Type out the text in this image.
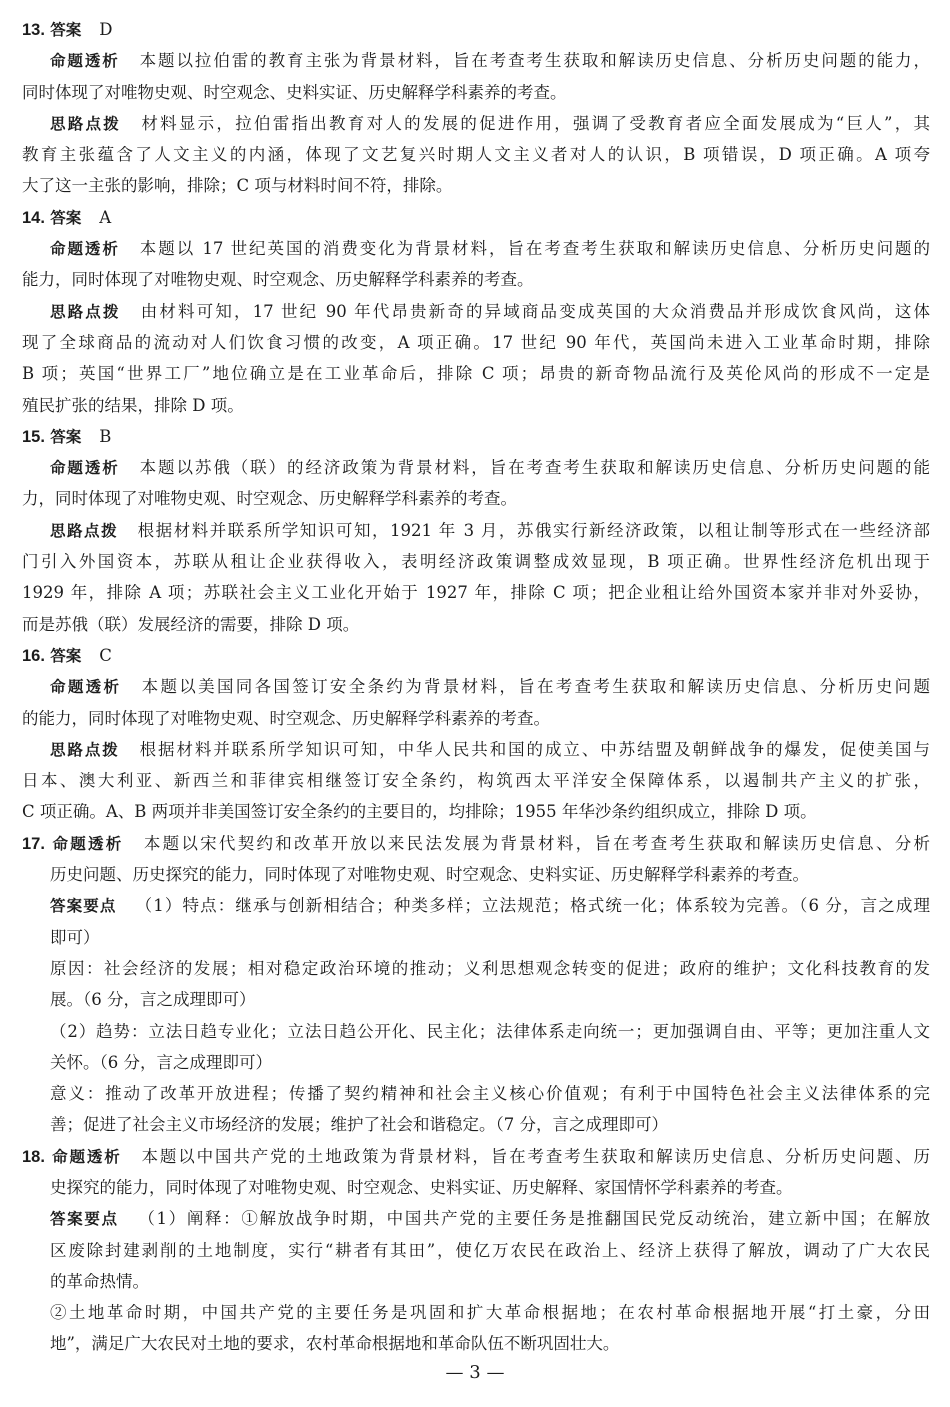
13. 答案 D
命题透析 本题以拉伯雷的教育主张为背景材料，旨在考查考生获取和解读历史信息、分析历史问题的能力，
同时体现了对唯物史观、时空观念、史料实证、历史解释学科素养的考查。
思路点拨 材料显示，拉伯雷指出教育对人的发展的促进作用，强调了受教育者应全面发展成为“巨人”，其
教育主张蕴含了人文主义的内涵，体现了文艺复兴时期人文主义者对人的认识，B 项错误，D 项正确。A 项夸
大了这一主张的影响，排除；C 项与材料时间不符，排除。
14. 答案 A
命题透析 本题以 17 世纪英国的消费变化为背景材料，旨在考查考生获取和解读历史信息、分析历史问题的
能力，同时体现了对唯物史观、时空观念、历史解释学科素养的考查。
思路点拨 由材料可知，17 世纪 90 年代昂贵新奇的异域商品变成英国的大众消费品并形成饮食风尚，这体
现了全球商品的流动对人们饮食习惯的改变，A 项正确。17 世纪 90 年代，英国尚未进入工业革命时期，排除
B 项；英国“世界工厂”地位确立是在工业革命后，排除 C 项；昂贵的新奇物品流行及英伦风尚的形成不一定是
殖民扩张的结果，排除 D 项。
15. 答案 B
命题透析 本题以苏俄（联）的经济政策为背景材料，旨在考查考生获取和解读历史信息、分析历史问题的能
力，同时体现了对唯物史观、时空观念、历史解释学科素养的考查。
思路点拨 根据材料并联系所学知识可知，1921 年 3 月，苏俄实行新经济政策，以租让制等形式在一些经济部
门引入外国资本，苏联从租让企业获得收入，表明经济政策调整成效显现，B 项正确。世界性经济危机出现于
1929 年，排除 A 项；苏联社会主义工业化开始于 1927 年，排除 C 项；把企业租让给外国资本家并非对外妥协，
而是苏俄（联）发展经济的需要，排除 D 项。
16. 答案 C
命题透析 本题以美国同各国签订安全条约为背景材料，旨在考查考生获取和解读历史信息、分析历史问题
的能力，同时体现了对唯物史观、时空观念、历史解释学科素养的考查。
思路点拨 根据材料并联系所学知识可知，中华人民共和国的成立、中苏结盟及朝鲜战争的爆发，促使美国与
日本、澳大利亚、新西兰和菲律宾相继签订安全条约，构筑西太平洋安全保障体系，以遏制共产主义的扩张，
C 项正确。A、B 两项并非美国签订安全条约的主要目的，均排除；1955 年华沙条约组织成立，排除 D 项。
17. 命题透析 本题以宋代契约和改革开放以来民法发展为背景材料，旨在考查考生获取和解读历史信息、分析
历史问题、历史探究的能力，同时体现了对唯物史观、时空观念、史料实证、历史解释学科素养的考查。
答案要点 （1）特点：继承与创新相结合；种类多样；立法规范；格式统一化；体系较为完善。（6 分，言之成理
即可）
原因：社会经济的发展；相对稳定政治环境的推动；义利思想观念转变的促进；政府的维护；文化科技教育的发
展。（6 分，言之成理即可）
（2）趋势：立法日趋专业化；立法日趋公开化、民主化；法律体系走向统一；更加强调自由、平等；更加注重人文
关怀。（6 分，言之成理即可）
意义：推动了改革开放进程；传播了契约精神和社会主义核心价值观；有利于中国特色社会主义法律体系的完
善；促进了社会主义市场经济的发展；维护了社会和谐稳定。（7 分，言之成理即可）
18. 命题透析 本题以中国共产党的土地政策为背景材料，旨在考查考生获取和解读历史信息、分析历史问题、历
史探究的能力，同时体现了对唯物史观、时空观念、史料实证、历史解释、家国情怀学科素养的考查。
答案要点 （1）阐释：①解放战争时期，中国共产党的主要任务是推翻国民党反动统治，建立新中国；在解放
区废除封建剥削的土地制度，实行“耕者有其田”，使亿万农民在政治上、经济上获得了解放，调动了广大农民
的革命热情。
②土地革命时期，中国共产党的主要任务是巩固和扩大革命根据地；在农村革命根据地开展“打土豪，分田
地”，满足广大农民对土地的要求，农村革命根据地和革命队伍不断巩固壮大。
— 3 —
